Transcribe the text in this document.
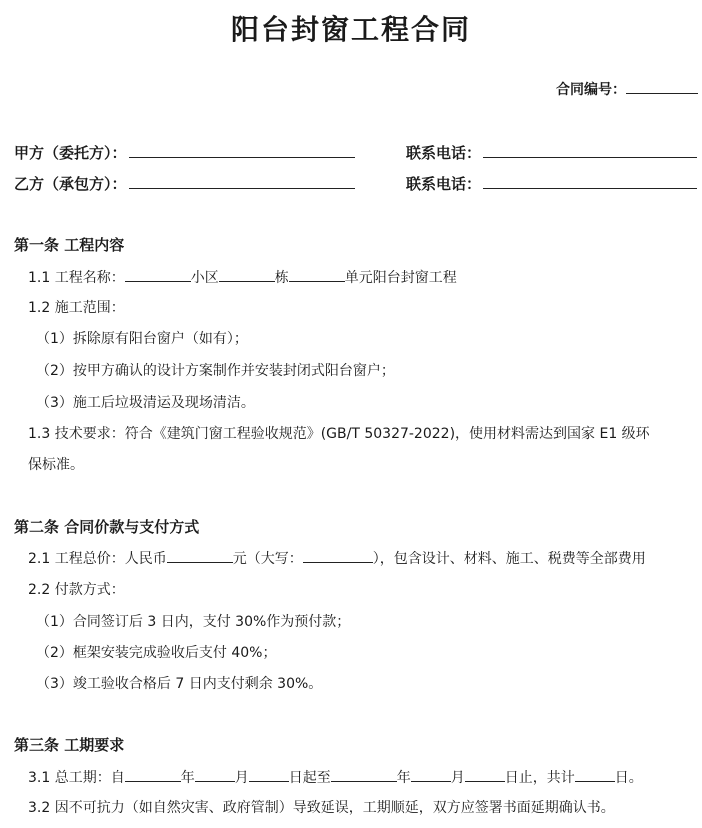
阳台封窗工程合同
合同编号：
甲方（委托方）：	联系电话：
乙方（承包方）：	联系电话：
第一条 工程内容
1.1 工程名称：	小区	栋	单元阳台封窗工程
1.2 施工范围：
（1）拆除原有阳台窗户（如有）；
（2）按甲方确认的设计方案制作并安装封闭式阳台窗户；
（3）施工后垃圾清运及现场清洁。
1.3 技术要求：符合《建筑门窗工程验收规范》(GB/T 50327-2022)，使用材料需达到国家 E1 级环
保标准。
第二条 合同价款与支付方式
2.1 工程总价：人民币	元（大写：	），包含设计、材料、施工、税费等全部费用
2.2 付款方式：
（1）合同签订后 3 日内，支付 30%作为预付款；
（2）框架安装完成验收后支付 40%；
（3）竣工验收合格后 7 日内支付剩余 30%。
第三条 工期要求
3.1 总工期：自	年	月	日起至	年	月	日止，共计	日。
3.2 因不可抗力（如自然灾害、政府管制）导致延误，工期顺延，双方应签署书面延期确认书。
